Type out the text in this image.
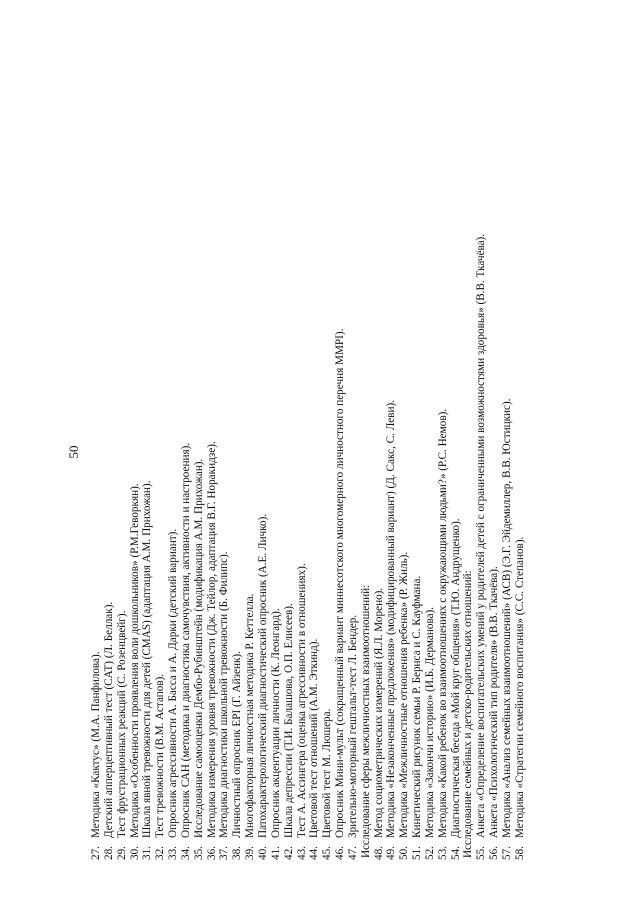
50
27.Методика «Кактус» (М.А. Панфилова).
28.Детский апперцептивный тест (CAT) (Л. Беллак).
29.Тест фрустрационных реакций (С. Розенцвейг).
30.Методика «Особенности проявления воли дошкольников» (Р.М.Геворкян).
31.Шкала явной тревожности для детей (CMAS) (адаптация А.М. Прихожан).
32.Тест тревожности (В.М. Астапов).
33.Опросник агрессивности А. Басса и А. Дарки (детский вариант).
34.Опросник САН (методика и диагностика самочувствия, активности и настроения).
35.Исследование самооценки Дембо-Рубинштейн (модификация А.М. Прихожан).
36.Методика измерения уровня тревожности (Дж. Тейлор, адаптация В.Г. Норакидзе).
37.Методика диагностики школьной тревожности (Б. Филипс).
38.Личностный опросник EPI (Г. Айзенк).
39.Многофакторная личностная методика Р. Кеттелла.
40.Патохарактерологический диагностический опросник (А.Е. Личко).
41.Опросник акцентуации личности (К. Леонгард).
42.Шкала депрессии (Т.И. Балашова, О.П. Елисеев).
43.Тест А. Ассингера (оценка агрессивности в отношениях).
44.Цветовой тест отношений (А.М. Эткинд).
45.Цветовой тест М. Люшера.
46.Опросник Мини-мульт (сокращенный вариант миннесотского многомерного личностного перечня MMPI).
47.Зрительно-моторный гештальт-тест Л. Бендер. Исследование сферы межличностных взаимоотношений: 48.Метод социометрических измерений (Я.Л. Морено).
49.Методика «Незаконченные предложения» (модифицированный вариант) (Д. Сакс, С. Леви).
50.Методика «Межличностные отношения ребенка» (Р. Жиль).
51.Кинетический рисунок семьи Р. Бернса и С. Кауфмана.
52.Методика «Закончи историю» (И.Б. Дерманова).
53.Методика «Какой ребенок во взаимоотношениях с окружающими людьми?» (Р.С. Немов).
54.Диагностическая беседа «Мой круг общения» (Т.Ю. Андрущенко). Исследование семейных и детско-родительских отношений: 55.Анкета «Определение воспитательских умений у родителей детей с ограниченными возможностями здоровья» (В.В. Ткачёва).
56.Анкета «Психологический тип родителя» (В.В. Ткачёва).
57.Методика «Анализ семейных взаимоотношений» (АСВ) (Э.Г. Эйдемиллер, В.В. Юстицкис).
58.Методика «Стратегии семейного воспитания» (С.С. Степанов).
